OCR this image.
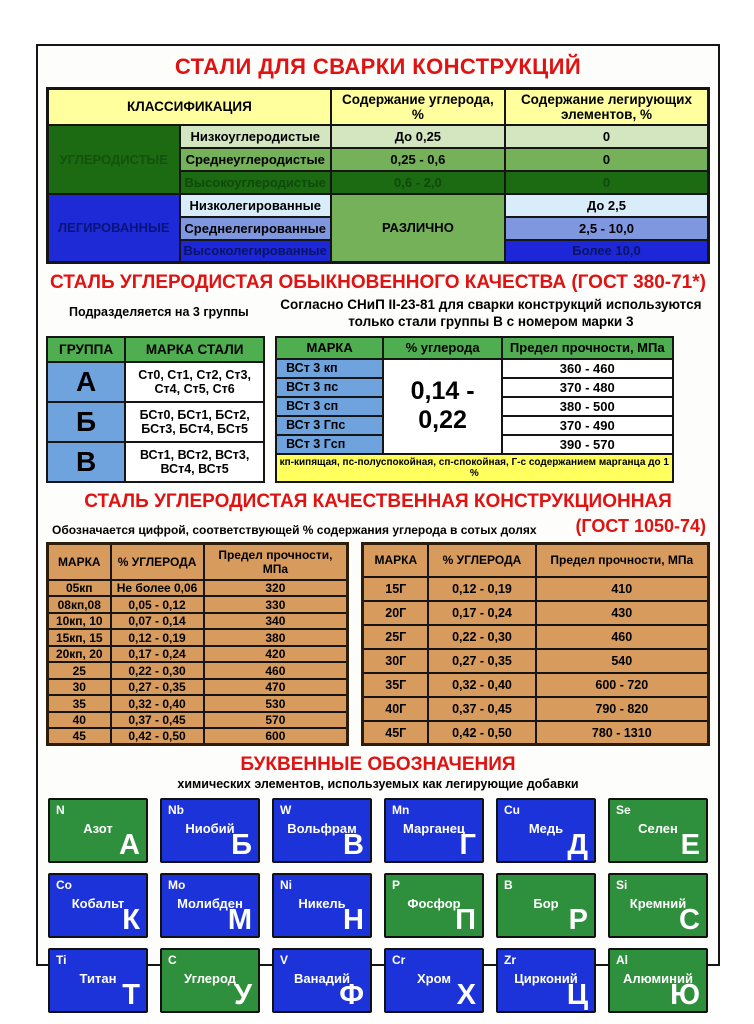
СТАЛИ ДЛЯ СВАРКИ КОНСТРУКЦИЙ
КЛАССИФИКАЦИЯ		Содержание углерода, %	Содержание легирующих элементов, %
УГЛЕРОДИСТЫЕ	Низкоуглеродистые	До 0,25	0
	Среднеуглеродистые	0,25 - 0,6	0
	Высокоуглеродистые	0,6 - 2,0	0
ЛЕГИРОВАННЫЕ	Низколегированные	РАЗЛИЧНО	До 2,5
	Среднелегированные		2,5 - 10,0
	Высоколегированные		Более 10,0
СТАЛЬ УГЛЕРОДИСТАЯ ОБЫКНОВЕННОГО КАЧЕСТВА (ГОСТ 380-71*)
Подразделяется на 3 группы	Согласно СНиП II-23-81 для сварки конструкций используются только стали группы В с номером марки 3
ГРУППА	МАРКА СТАЛИ
А	Ст0, Ст1, Ст2, Ст3, Ст4, Ст5, Ст6
Б	БСт0, БСт1, БСт2, БСт3, БСт4, БСт5
В	ВСт1, ВСт2, ВСт3, ВСт4, ВСт5
МАРКА	% углерода	Предел прочности, МПа
ВСт 3 кп	0,14 - 0,22	360 - 460
ВСт 3 пс		370 - 480
ВСт 3 сп		380 - 500
ВСт 3 Гпс		370 - 490
ВСт 3 Гсп		390 - 570
кп-кипящая, пс-полуспокойная, сп-спокойная, Г-с содержанием марганца до 1 %		
СТАЛЬ УГЛЕРОДИСТАЯ КАЧЕСТВЕННАЯ КОНСТРУКЦИОННАЯ
Обозначается цифрой, соответствующей % содержания углерода в сотых долях	(ГОСТ 1050-74)
МАРКА	% УГЛЕРОДА	Предел прочности, МПа
05кп	Не более 0,06	320
08кп,08	0,05 - 0,12	330
10кп, 10	0,07 - 0,14	340
15кп, 15	0,12 - 0,19	380
20кп, 20	0,17 - 0,24	420
25	0,22 - 0,30	460
30	0,27 - 0,35	470
35	0,32 - 0,40	530
40	0,37 - 0,45	570
45	0,42 - 0,50	600
МАРКА	% УГЛЕРОДА	Предел прочности, МПа
15Г	0,12 - 0,19	410
20Г	0,17 - 0,24	430
25Г	0,22 - 0,30	460
30Г	0,27 - 0,35	540
35Г	0,32 - 0,40	600 - 720
40Г	0,37 - 0,45	790 - 820
45Г	0,42 - 0,50	780 - 1310
БУКВЕННЫЕ ОБОЗНАЧЕНИЯ
химических элементов, используемых как легирующие добавки
N
Азот
А
Nb
Ниобий
Б
W
Вольфрам
В
Mn
Марганец
Г
Cu
Медь
Д
Se
Селен
Е
Co
Кобальт
К
Mo
Молибден
М
Ni
Никель
Н
P
Фосфор
П
B
Бор
Р
Si
Кремний
С
Ti
Титан
Т
C
Углерод
У
V
Ванадий
Ф
Cr
Хром
Х
Zr
Цирконий
Ц
Al
Алюминий
Ю
